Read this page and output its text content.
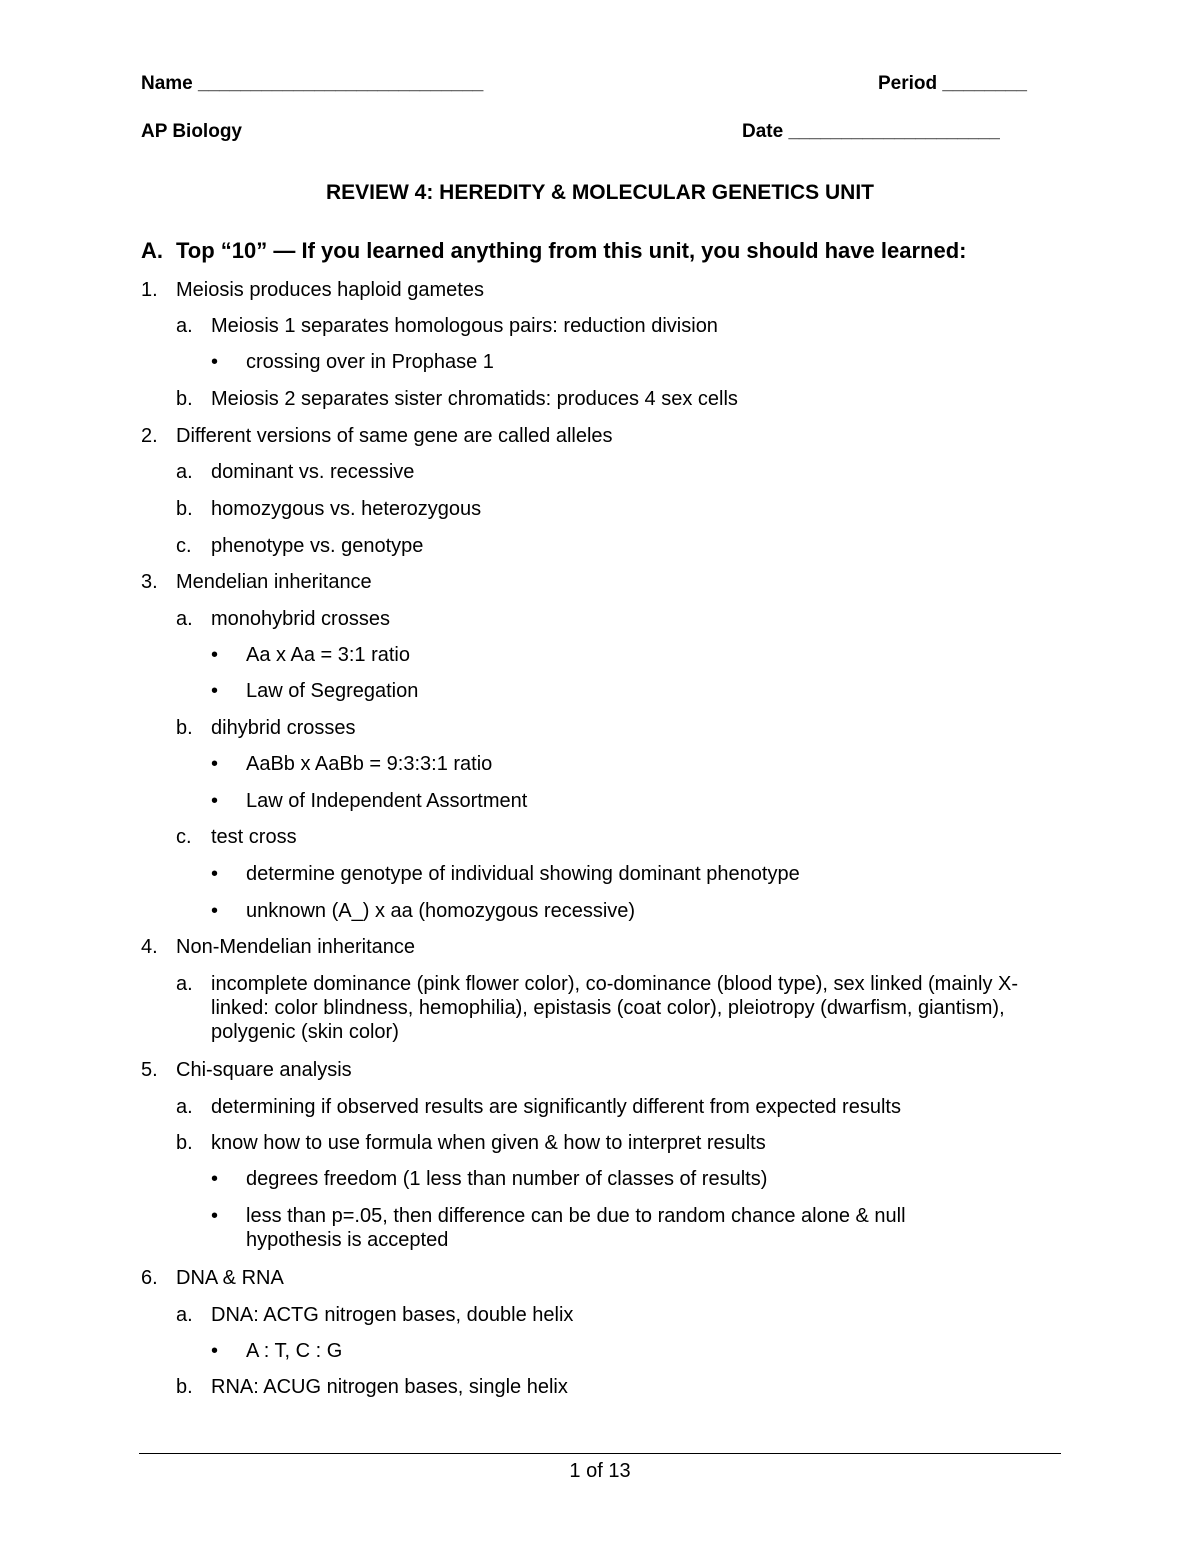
Name ___________________________	Period ________
AP Biology	Date ____________________
REVIEW 4: HEREDITY & MOLECULAR GENETICS UNIT
A. Top “10” — If you learned anything from this unit, you should have learned:
1. Meiosis produces haploid gametes
a. Meiosis 1 separates homologous pairs: reduction division
• crossing over in Prophase 1
b. Meiosis 2 separates sister chromatids: produces 4 sex cells
2. Different versions of same gene are called alleles
a. dominant vs. recessive
b. homozygous vs. heterozygous
c. phenotype vs. genotype
3. Mendelian inheritance
a. monohybrid crosses
• Aa x Aa = 3:1 ratio
• Law of Segregation
b. dihybrid crosses
• AaBb x AaBb = 9:3:3:1 ratio
• Law of Independent Assortment
c. test cross
• determine genotype of individual showing dominant phenotype
• unknown (A_) x aa (homozygous recessive)
4. Non-Mendelian inheritance
a. incomplete dominance (pink flower color), co-dominance (blood type), sex linked (mainly X-linked: color blindness, hemophilia), epistasis (coat color), pleiotropy (dwarfism, giantism), polygenic (skin color)
5. Chi-square analysis
a. determining if observed results are significantly different from expected results
b. know how to use formula when given & how to interpret results
• degrees freedom (1 less than number of classes of results)
• less than p=.05, then difference can be due to random chance alone & null hypothesis is accepted
6. DNA & RNA
a. DNA: ACTG nitrogen bases, double helix
• A : T, C : G
b. RNA: ACUG nitrogen bases, single helix
1 of 13
